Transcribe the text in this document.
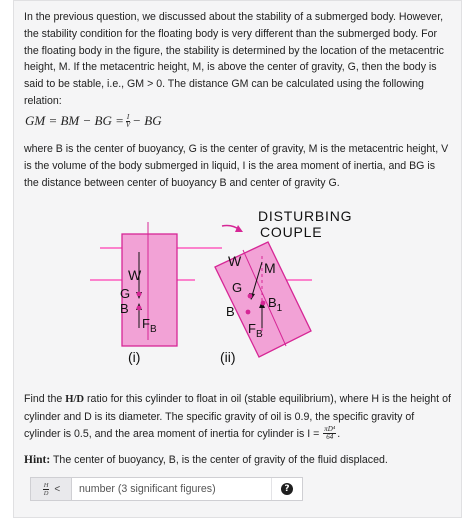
In the previous question, we discussed about the stability of a submerged body. However, the stability condition for the floating body is very different than the submerged body. For the floating body in the figure, the stability is determined by the location of the metacentric height, M. If the metacentric height, M, is above the center of gravity, G, then the body is said to be stable, i.e., GM > 0. The distance GM can be calculated using the following relation:

GM = BM − BG = $\frac{I}{V}$ − BG

where B is the center of buoyancy, G is the center of gravity, M is the metacentric height, V is the volume of the body submerged in liquid, I is the area moment of inertia, and BG is the distance between center of buoyancy B and center of gravity G.

W
G
B
$F_B$
(i)
DISTURBING
COUPLE
W M
G
B
$B_1$
$F_B$
(ii)

Find the H/D ratio for this cylinder to float in oil (stable equilibrium), where H is the height of cylinder and D is its diameter. The specific gravity of oil is 0.9, the specific gravity of cylinder is 0.5, and the area moment of inertia for cylinder is $I = \frac{\text{πD⁴}}{64}$ .

Hint: The center of buoyancy, B, is the center of gravity of the fluid displaced.
$\frac{H}{D}$ <
number (3 significant figures)	?
